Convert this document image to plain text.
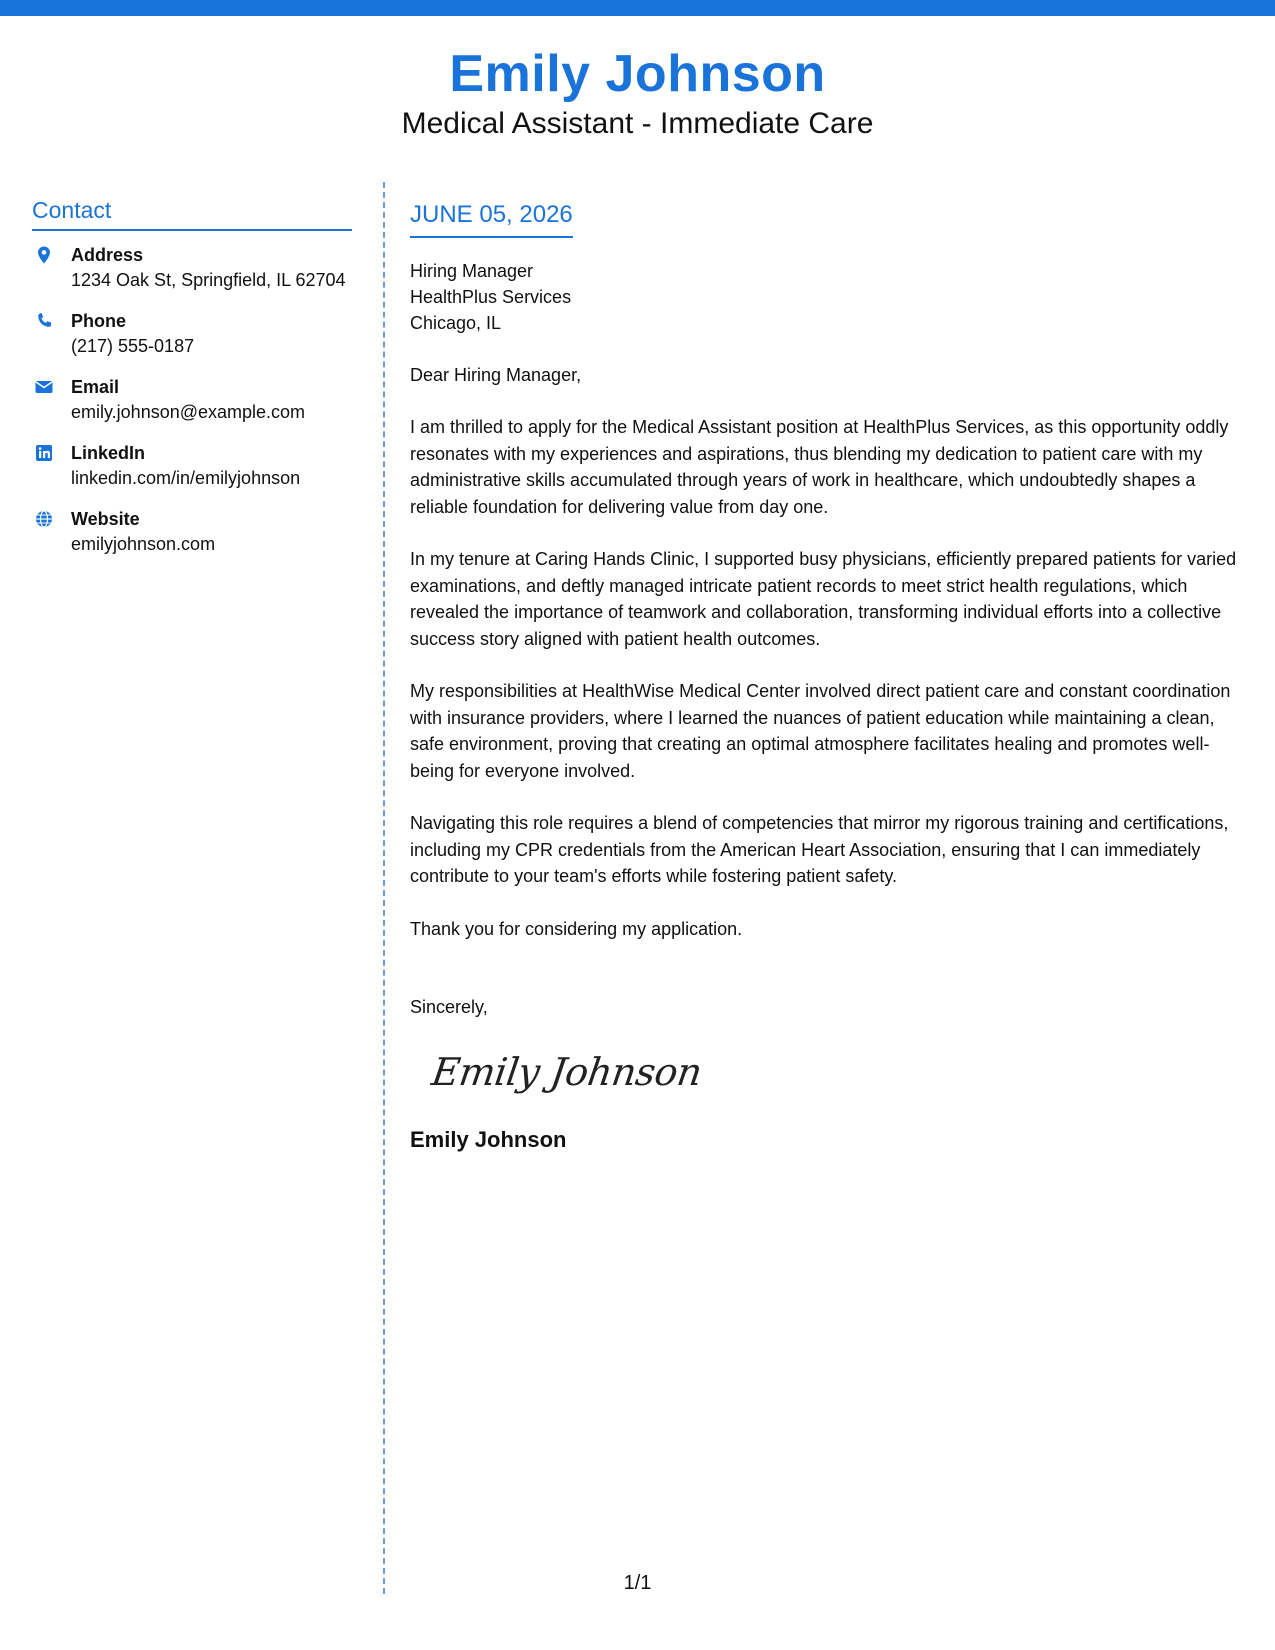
Emily Johnson
Medical Assistant - Immediate Care
Contact
Address
1234 Oak St, Springfield, IL 62704
Phone
(217) 555-0187
Email
emily.johnson@example.com
LinkedIn
linkedin.com/in/emilyjohnson
Website
emilyjohnson.com
JUNE 05, 2026
Hiring Manager
HealthPlus Services
Chicago, IL
Dear Hiring Manager,
I am thrilled to apply for the Medical Assistant position at HealthPlus Services, as this opportunity oddly resonates with my experiences and aspirations, thus blending my dedication to patient care with my administrative skills accumulated through years of work in healthcare, which undoubtedly shapes a reliable foundation for delivering value from day one.
In my tenure at Caring Hands Clinic, I supported busy physicians, efficiently prepared patients for varied examinations, and deftly managed intricate patient records to meet strict health regulations, which revealed the importance of teamwork and collaboration, transforming individual efforts into a collective success story aligned with patient health outcomes.
My responsibilities at HealthWise Medical Center involved direct patient care and constant coordination with insurance providers, where I learned the nuances of patient education while maintaining a clean, safe environment, proving that creating an optimal atmosphere facilitates healing and promotes well-being for everyone involved.
Navigating this role requires a blend of competencies that mirror my rigorous training and certifications, including my CPR credentials from the American Heart Association, ensuring that I can immediately contribute to your team's efforts while fostering patient safety.
Thank you for considering my application.
Sincerely,
Emily Johnson
Emily Johnson
1/1
